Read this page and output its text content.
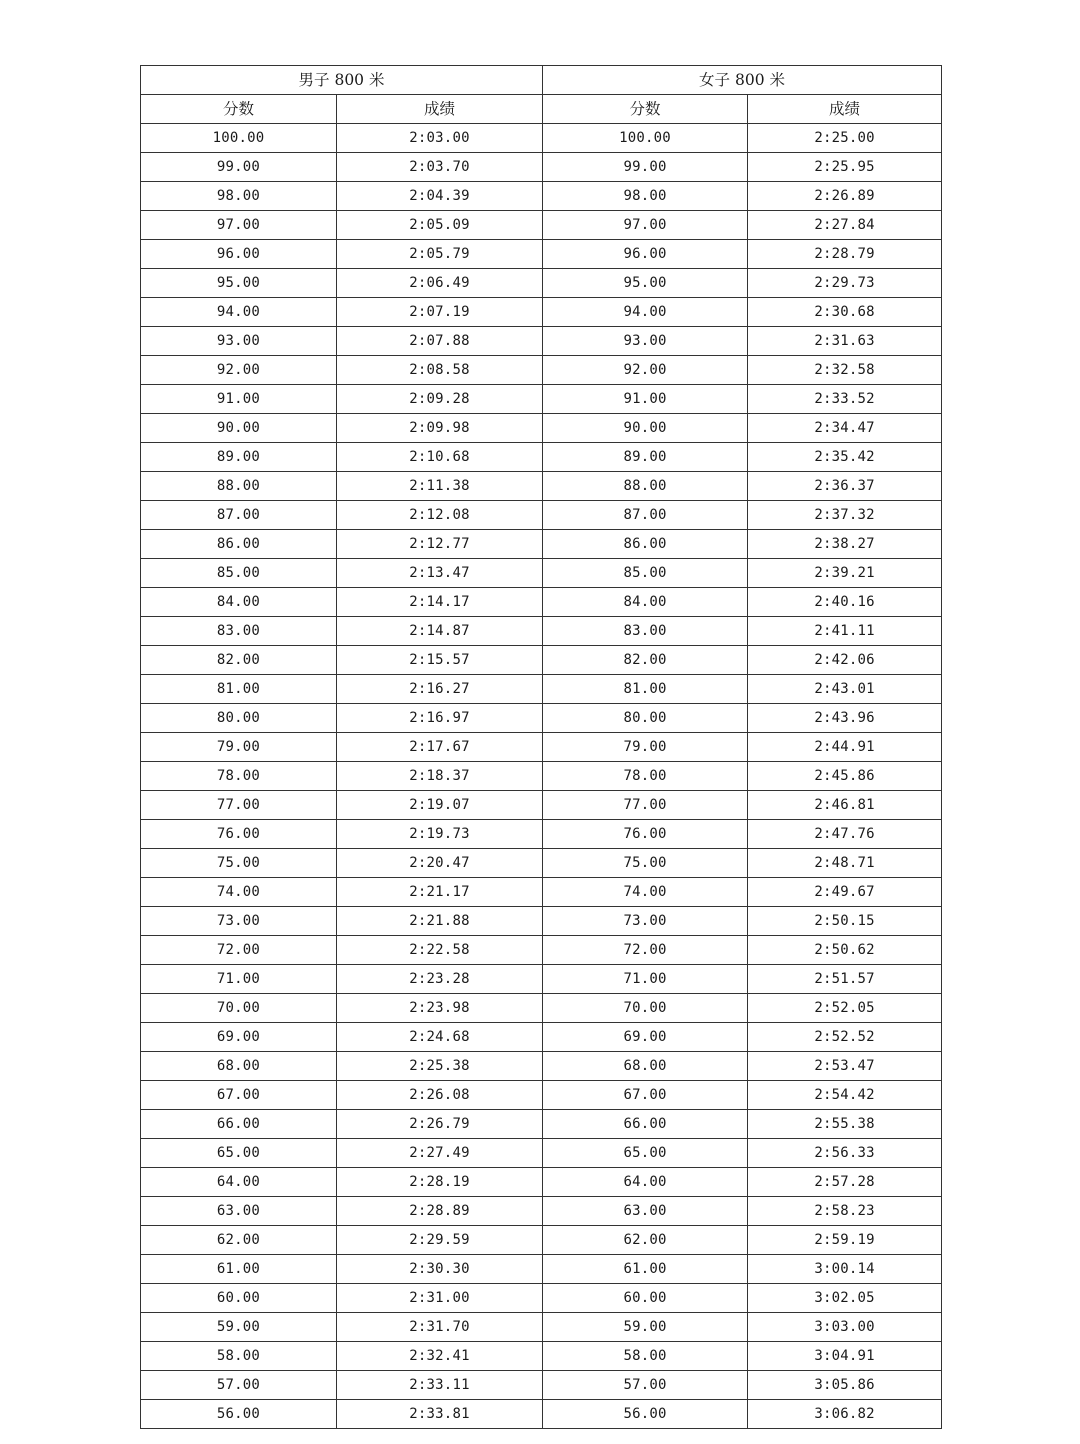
男子 800 米		女子 800 米	
分数	成绩	分数	成绩
100.00	2:03.00	100.00	2:25.00
99.00	2:03.70	99.00	2:25.95
98.00	2:04.39	98.00	2:26.89
97.00	2:05.09	97.00	2:27.84
96.00	2:05.79	96.00	2:28.79
95.00	2:06.49	95.00	2:29.73
94.00	2:07.19	94.00	2:30.68
93.00	2:07.88	93.00	2:31.63
92.00	2:08.58	92.00	2:32.58
91.00	2:09.28	91.00	2:33.52
90.00	2:09.98	90.00	2:34.47
89.00	2:10.68	89.00	2:35.42
88.00	2:11.38	88.00	2:36.37
87.00	2:12.08	87.00	2:37.32
86.00	2:12.77	86.00	2:38.27
85.00	2:13.47	85.00	2:39.21
84.00	2:14.17	84.00	2:40.16
83.00	2:14.87	83.00	2:41.11
82.00	2:15.57	82.00	2:42.06
81.00	2:16.27	81.00	2:43.01
80.00	2:16.97	80.00	2:43.96
79.00	2:17.67	79.00	2:44.91
78.00	2:18.37	78.00	2:45.86
77.00	2:19.07	77.00	2:46.81
76.00	2:19.73	76.00	2:47.76
75.00	2:20.47	75.00	2:48.71
74.00	2:21.17	74.00	2:49.67
73.00	2:21.88	73.00	2:50.15
72.00	2:22.58	72.00	2:50.62
71.00	2:23.28	71.00	2:51.57
70.00	2:23.98	70.00	2:52.05
69.00	2:24.68	69.00	2:52.52
68.00	2:25.38	68.00	2:53.47
67.00	2:26.08	67.00	2:54.42
66.00	2:26.79	66.00	2:55.38
65.00	2:27.49	65.00	2:56.33
64.00	2:28.19	64.00	2:57.28
63.00	2:28.89	63.00	2:58.23
62.00	2:29.59	62.00	2:59.19
61.00	2:30.30	61.00	3:00.14
60.00	2:31.00	60.00	3:02.05
59.00	2:31.70	59.00	3:03.00
58.00	2:32.41	58.00	3:04.91
57.00	2:33.11	57.00	3:05.86
56.00	2:33.81	56.00	3:06.82
